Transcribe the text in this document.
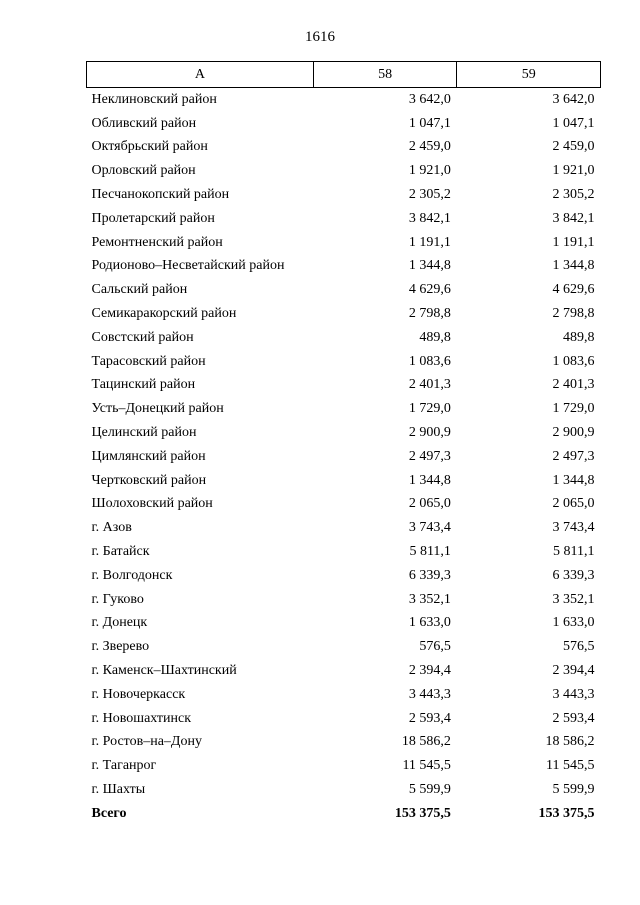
1616
А	58	59
Неклиновский район	3 642,0	3 642,0
Обливский район	1 047,1	1 047,1
Октябрьский район	2 459,0	2 459,0
Орловский район	1 921,0	1 921,0
Песчанокопский район	2 305,2	2 305,2
Пролетарский район	3 842,1	3 842,1
Ремонтненский район	1 191,1	1 191,1
Родионово–Несветайский район	1 344,8	1 344,8
Сальский район	4 629,6	4 629,6
Семикаракорский район	2 798,8	2 798,8
Совстский район	489,8	489,8
Тарасовский район	1 083,6	1 083,6
Тацинский район	2 401,3	2 401,3
Усть–Донецкий район	1 729,0	1 729,0
Целинский район	2 900,9	2 900,9
Цимлянский район	2 497,3	2 497,3
Чертковский район	1 344,8	1 344,8
Шолоховский район	2 065,0	2 065,0
г. Азов	3 743,4	3 743,4
г. Батайск	5 811,1	5 811,1
г. Волгодонск	6 339,3	6 339,3
г. Гуково	3 352,1	3 352,1
г. Донецк	1 633,0	1 633,0
г. Зверево	576,5	576,5
г. Каменск–Шахтинский	2 394,4	2 394,4
г. Новочеркасск	3 443,3	3 443,3
г. Новошахтинск	2 593,4	2 593,4
г. Ростов–на–Дону	18 586,2	18 586,2
г. Таганрог	11 545,5	11 545,5
г. Шахты	5 599,9	5 599,9
Всего	153 375,5	153 375,5
